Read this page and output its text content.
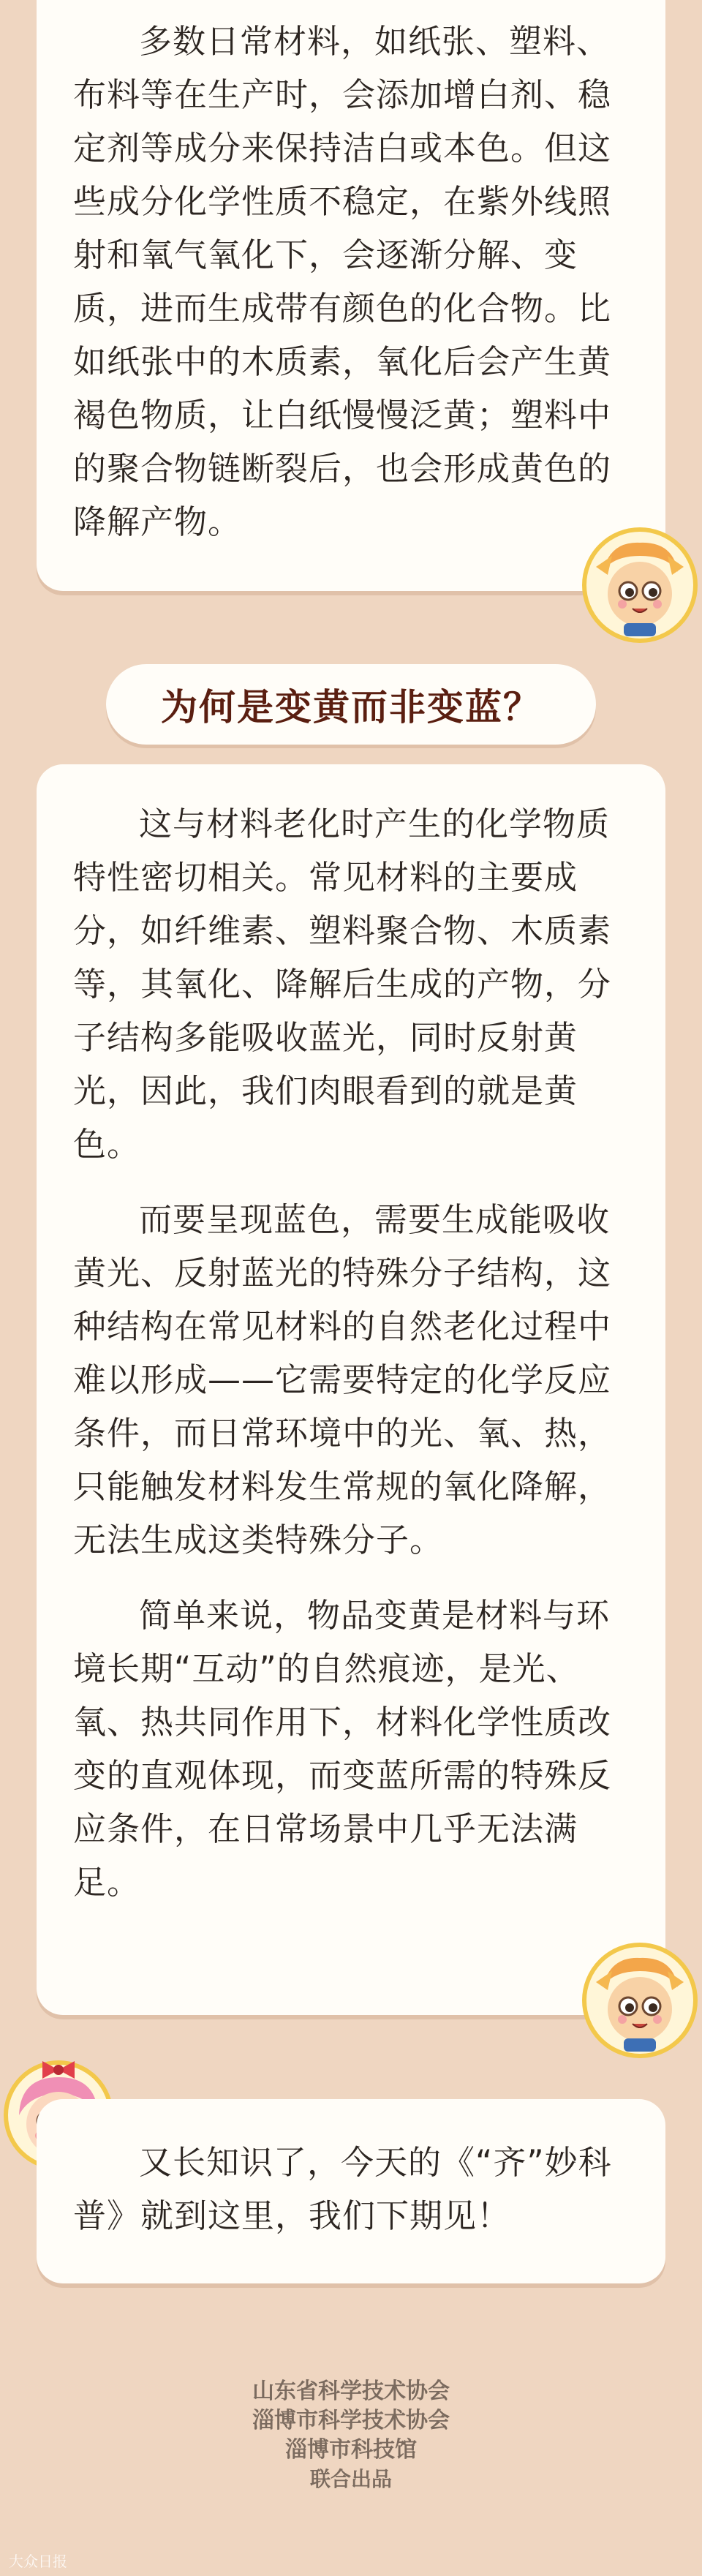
多数日常材料，如纸张、塑料、布料等在生产时，会添加增白剂、稳定剂等成分来保持洁白或本色。但这些成分化学性质不稳定，在紫外线照射和氧气氧化下，会逐渐分解、变质，进而生成带有颜色的化合物。比如纸张中的木质素，氧化后会产生黄褐色物质，让白纸慢慢泛黄；塑料中的聚合物链断裂后，也会形成黄色的降解产物。

为何是变黄而非变蓝？

这与材料老化时产生的化学物质特性密切相关。常见材料的主要成分，如纤维素、塑料聚合物、木质素等，其氧化、降解后生成的产物，分子结构多能吸收蓝光，同时反射黄光，因此，我们肉眼看到的就是黄色。

而要呈现蓝色，需要生成能吸收黄光、反射蓝光的特殊分子结构，这种结构在常见材料的自然老化过程中难以形成——它需要特定的化学反应条件，而日常环境中的光、氧、热，只能触发材料发生常规的氧化降解，无法生成这类特殊分子。

简单来说，物品变黄是材料与环境长期“互动”的自然痕迹，是光、氧、热共同作用下，材料化学性质改变的直观体现，而变蓝所需的特殊反应条件，在日常场景中几乎无法满足。

又长知识了，今天的《“齐”妙科普》就到这里，我们下期见！

山东省科学技术协会
淄博市科学技术协会
淄博市科技馆
联合出品
大众日报
